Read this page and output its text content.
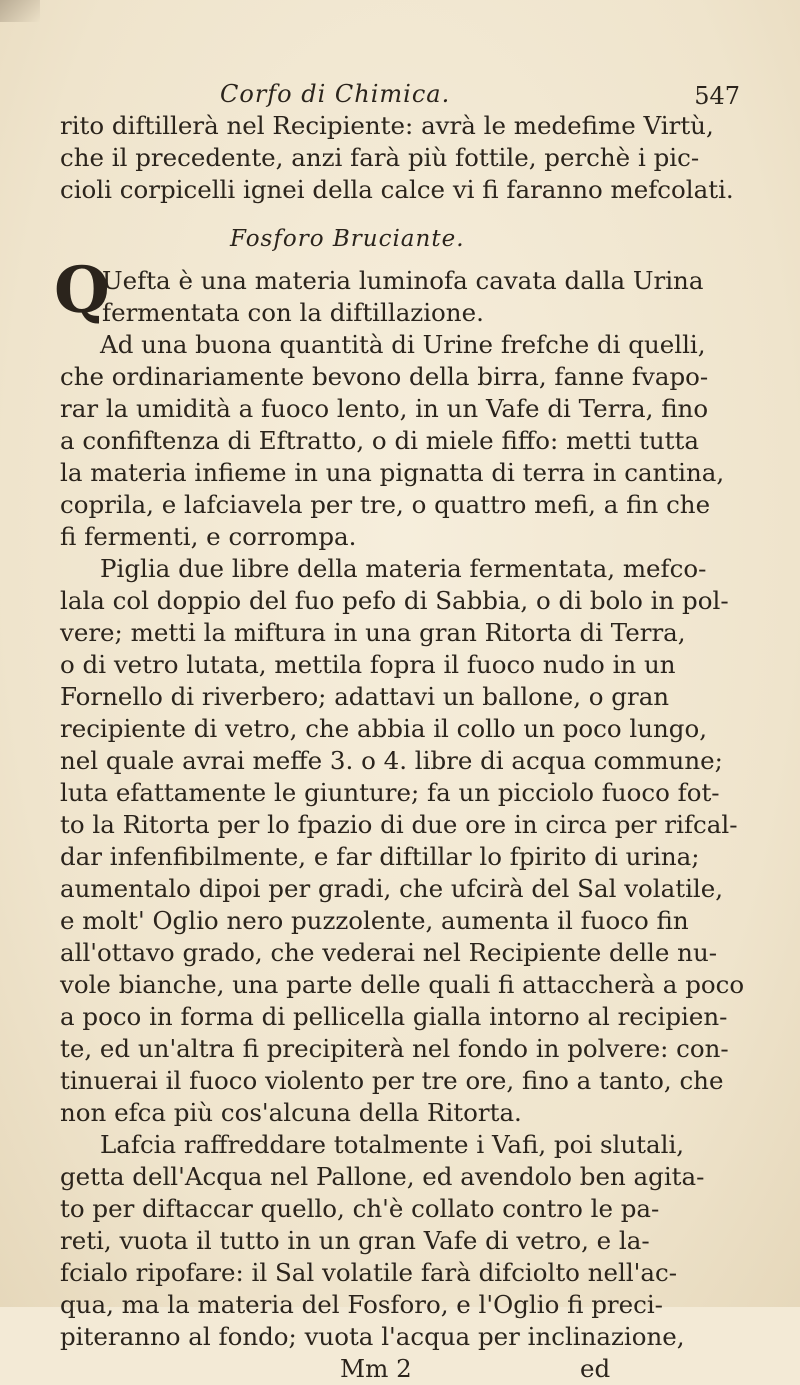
Corfo di Chimica.	547
rito diftillerà nel Recipiente: avrà le medefime Virtù,
che il precedente, anzi farà più fottile, perchè i pic-
cioli corpicelli ignei della calce vi fi faranno mefcolati.
Fosforo Bruciante.
Q
Uefta è una materia luminofa cavata dalla Urina
fermentata con la diftillazione.
Ad una buona quantità di Urine frefche di quelli,
che ordinariamente bevono della birra, fanne fvapo-
rar la umidità a fuoco lento, in un Vafe di Terra, fino
a confiftenza di Eftratto, o di miele fiffo: metti tutta
la materia infieme in una pignatta di terra in cantina,
coprila, e lafciavela per tre, o quattro mefi, a fin che
fi fermenti, e corrompa.
Piglia due libre della materia fermentata, mefco-
lala col doppio del fuo pefo di Sabbia, o di bolo in pol-
vere; metti la miftura in una gran Ritorta di Terra,
o di vetro lutata, mettila fopra il fuoco nudo in un
Fornello di riverbero; adattavi un ballone, o gran
recipiente di vetro, che abbia il collo un poco lungo,
nel quale avrai meffe 3. o 4. libre di acqua commune;
luta efattamente le giunture; fa un picciolo fuoco fot-
to la Ritorta per lo fpazio di due ore in circa per rifcal-
dar infenfibilmente, e far diftillar lo fpirito di urina;
aumentalo dipoi per gradi, che ufcirà del Sal volatile,
e molt' Oglio nero puzzolente, aumenta il fuoco fin
all'ottavo grado, che vederai nel Recipiente delle nu-
vole bianche, una parte delle quali fi attaccherà a poco
a poco in forma di pellicella gialla intorno al recipien-
te, ed un'altra fi precipiterà nel fondo in polvere: con-
tinuerai il fuoco violento per tre ore, fino a tanto, che
non efca più cos'alcuna della Ritorta.
Lafcia raffreddare totalmente i Vafi, poi slutali,
getta dell'Acqua nel Pallone, ed avendolo ben agita-
to per diftaccar quello, ch'è collato contro le pa-
reti, vuota il tutto in un gran Vafe di vetro, e la-
fcialo ripofare: il Sal volatile farà difciolto nell'ac-
qua, ma la materia del Fosforo, e l'Oglio fi preci-
piteranno al fondo; vuota l'acqua per inclinazione,
Mm 2	ed
